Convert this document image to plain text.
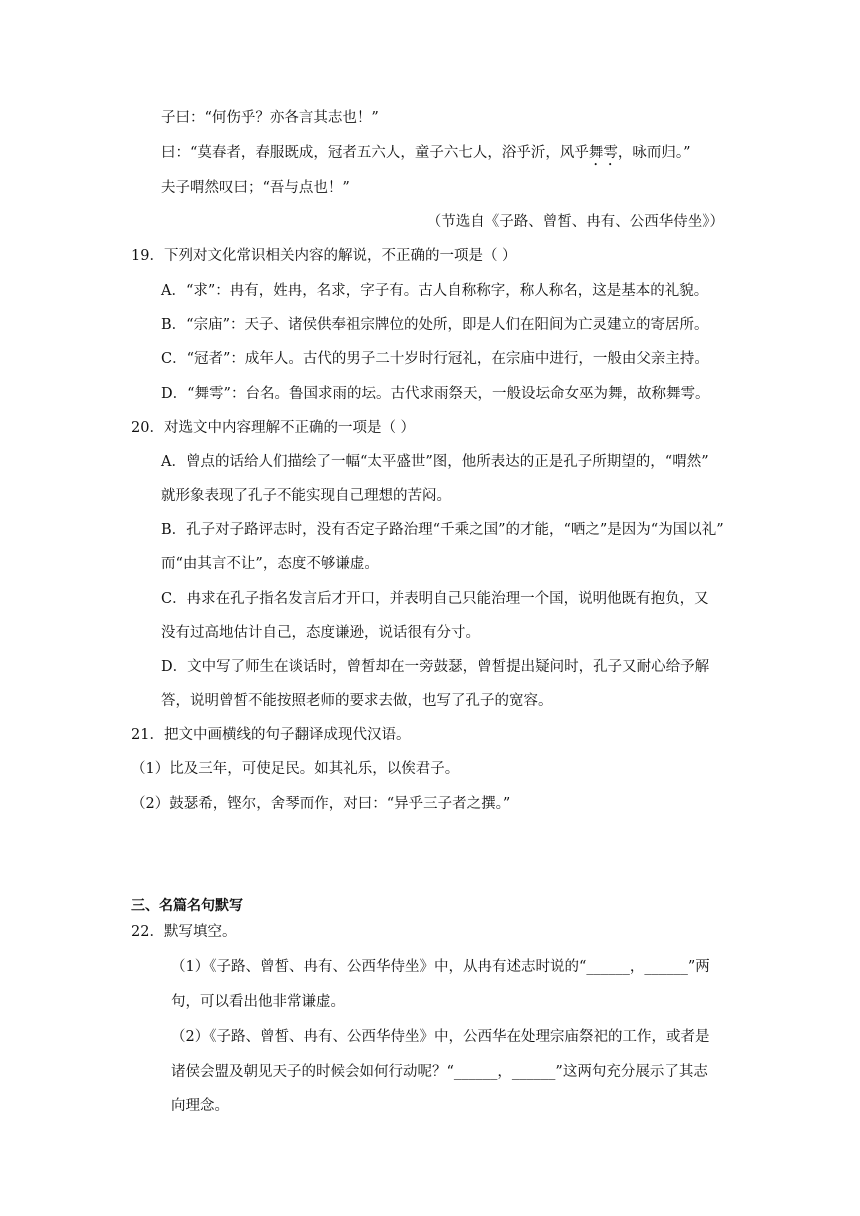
子曰：“何伤乎？亦各言其志也！”
曰：“莫春者，春服既成，冠者五六人，童子六七人，浴乎沂，风乎舞雩，咏而归。”
夫子喟然叹曰；“吾与点也！”
（节选自《子路、曾皙、冉有、公西华侍坐》）
19．下列对文化常识相关内容的解说，不正确的一项是（ ）
A．“求”：冉有，姓冉，名求，字子有。古人自称称字，称人称名，这是基本的礼貌。
B．“宗庙”：天子、诸侯供奉祖宗牌位的处所，即是人们在阳间为亡灵建立的寄居所。
C．“冠者”：成年人。古代的男子二十岁时行冠礼，在宗庙中进行，一般由父亲主持。
D．“舞雩”：台名。鲁国求雨的坛。古代求雨祭天，一般设坛命女巫为舞，故称舞雩。
20．对选文中内容理解不正确的一项是（ ）
A．曾点的话给人们描绘了一幅“太平盛世”图，他所表达的正是孔子所期望的，“喟然”
就形象表现了孔子不能实现自己理想的苦闷。
B．孔子对子路评志时，没有否定子路治理“千乘之国”的才能，“哂之”是因为“为国以礼”
而“由其言不让”，态度不够谦虚。
C．冉求在孔子指名发言后才开口，并表明自己只能治理一个国，说明他既有抱负，又
没有过高地估计自己，态度谦逊，说话很有分寸。
D．文中写了师生在谈话时，曾皙却在一旁鼓瑟，曾皙提出疑问时，孔子又耐心给予解
答，说明曾皙不能按照老师的要求去做，也写了孔子的宽容。
21．把文中画横线的句子翻译成现代汉语。
（1）比及三年，可使足民。如其礼乐，以俟君子。
（2）鼓瑟希，铿尔，舍琴而作，对曰：“异乎三子者之撰。”
三、名篇名句默写
22．默写填空。
（1）《子路、曾皙、冉有、公西华侍坐》中，从冉有述志时说的“______，______”两
句，可以看出他非常谦虚。
（2）《子路、曾皙、冉有、公西华侍坐》中，公西华在处理宗庙祭祀的工作，或者是
诸侯会盟及朝见天子的时候会如何行动呢？“______，______”这两句充分展示了其志
向理念。
